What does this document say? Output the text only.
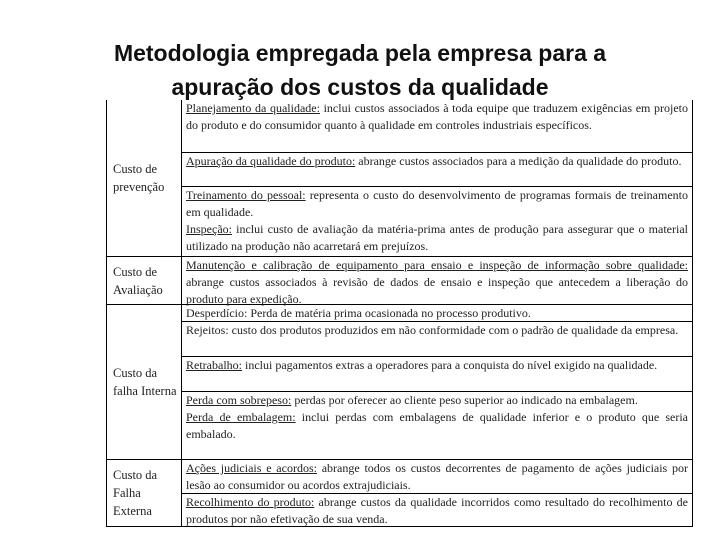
Metodologia empregada pela empresa para a
apuração dos custos da qualidade
Custo de prevenção
Custo de Avaliação
Custo da falha Interna
Custo da Falha Externa

Planejamento da qualidade: inclui custos associados à toda equipe que traduzem exigências em projeto do produto e do consumidor quanto à qualidade em controles industriais específicos.

Apuração da qualidade do produto: abrange custos associados para a medição da qualidade do produto.

Treinamento do pessoal: representa o custo do desenvolvimento de programas formais de treinamento em qualidade.

Inspeção: inclui custo de avaliação da matéria-prima antes de produção para assegurar que o material utilizado na produção não acarretará em prejuízos.

Manutenção e calibração de equipamento para ensaio e inspeção de informação sobre qualidade: abrange custos associados à revisão de dados de ensaio e inspeção que antecedem a liberação do produto para expedição.

Desperdício: Perda de matéria prima ocasionada no processo produtivo.

Rejeitos: custo dos produtos produzidos em não conformidade com o padrão de qualidade da empresa.

Retrabalho: inclui pagamentos extras a operadores para a conquista do nível exigido na qualidade.

Perda com sobrepeso: perdas por oferecer ao cliente peso superior ao indicado na embalagem.

Perda de embalagem: inclui perdas com embalagens de qualidade inferior e o produto que seria embalado.

Ações judiciais e acordos: abrange todos os custos decorrentes de pagamento de ações judiciais por lesão ao consumidor ou acordos extrajudiciais.

Recolhimento do produto: abrange custos da qualidade incorridos como resultado do recolhimento de produtos por não efetivação de sua venda.
